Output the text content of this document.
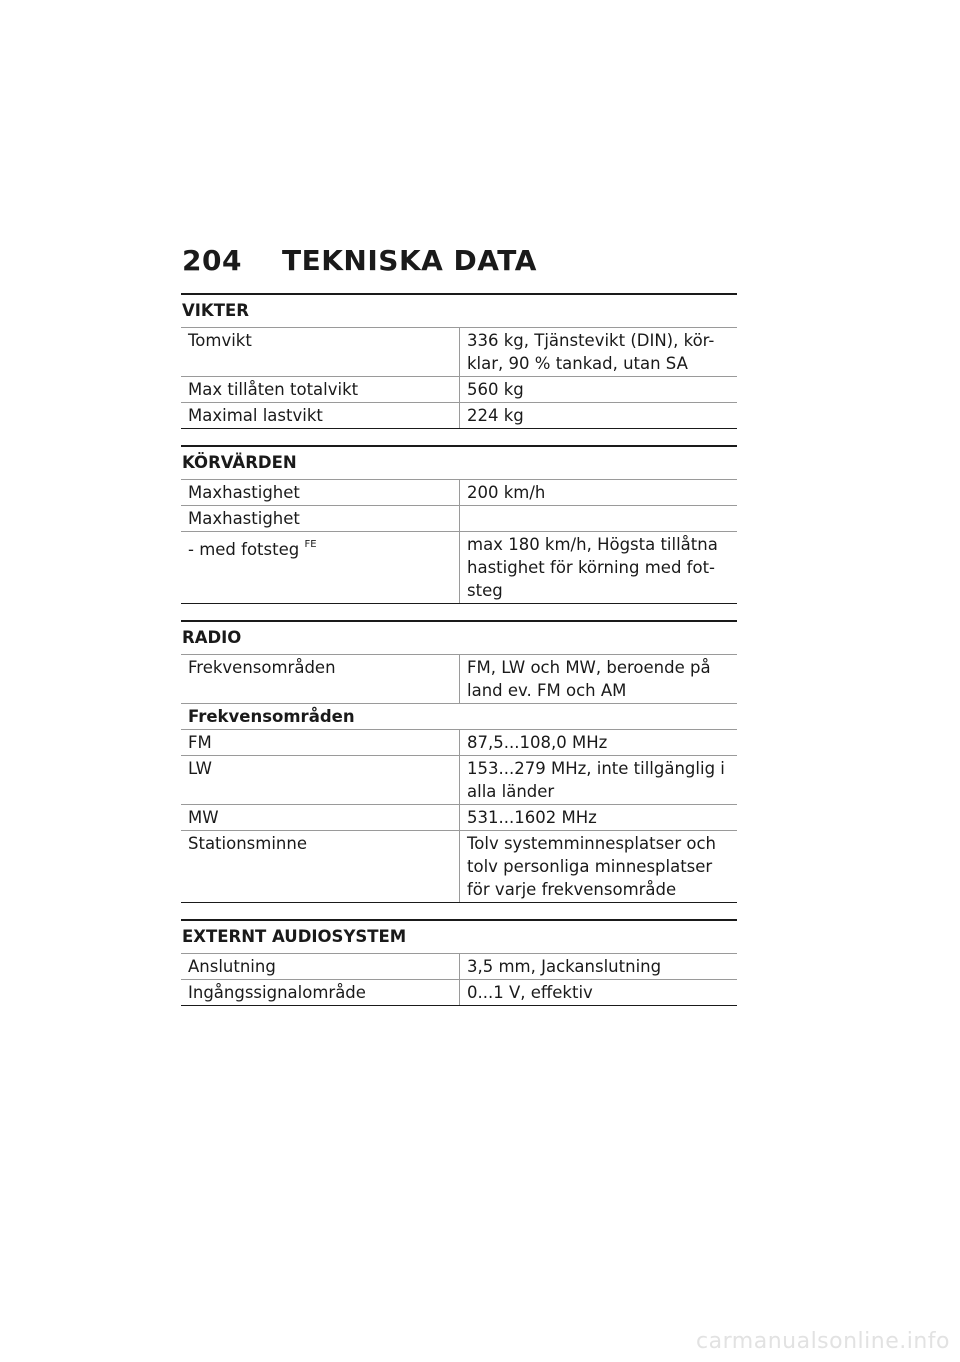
204 TEKNISKA DATA
VIKTER
Tomvikt	336 kg, Tjänstevikt (DIN), kör-klar, 90 % tankad, utan SA
Max tillåten totalvikt	560 kg
Maximal lastvikt	224 kg
KÖRVÄRDEN
Maxhastighet	200 km/h
Maxhastighet
- med fotsteg $^{FE}$	max 180 km/h, Högsta tillåtna hastighet för körning med fot-steg
RADIO
Frekvensområden	FM, LW och MW, beroende på land ev. FM och AM
Frekvensområden
FM	87,5...108,0 MHz
LW	153...279 MHz, inte tillgänglig i alla länder
MW	531...1602 MHz
Stationsminne	Tolv systemminnesplatser och tolv personliga minnesplatser för varje frekvensområde
EXTERNT AUDIOSYSTEM
Anslutning	3,5 mm, Jackanslutning
Ingångssignalområde	0...1 V, effektiv
carmanualsonline.info
